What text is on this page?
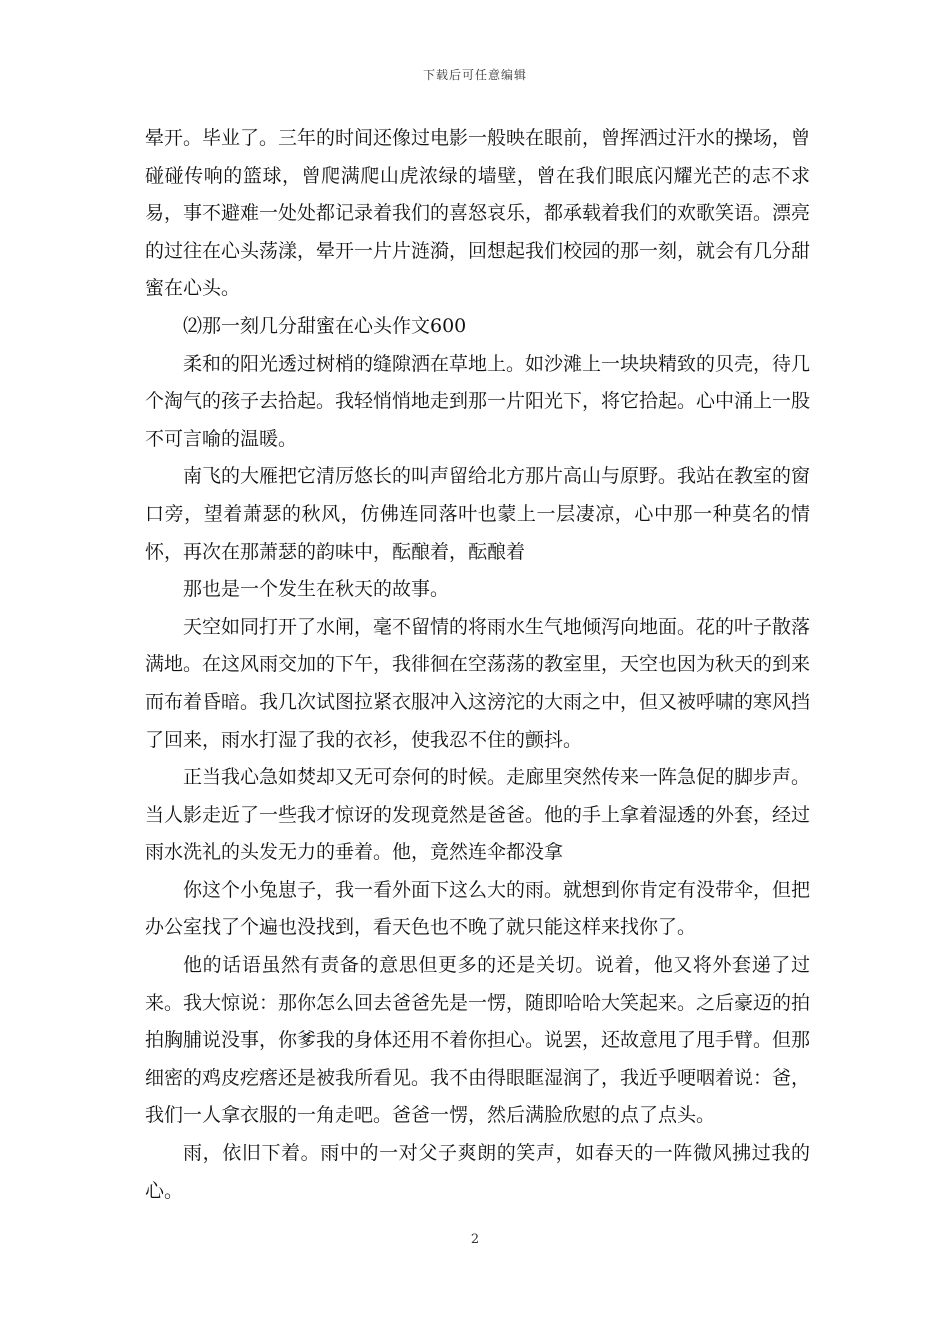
下载后可任意编辑

晕开。毕业了。三年的时间还像过电影一般映在眼前，曾挥洒过汗水的操场，曾碰碰传响的篮球，曾爬满爬山虎浓绿的墙壁，曾在我们眼底闪耀光芒的志不求易，事不避难一处处都记录着我们的喜怒哀乐，都承载着我们的欢歌笑语。漂亮的过往在心头荡漾，晕开一片片涟漪，回想起我们校园的那一刻，就会有几分甜蜜在心头。

⑵那一刻几分甜蜜在心头作文600

柔和的阳光透过树梢的缝隙洒在草地上。如沙滩上一块块精致的贝壳，待几个淘气的孩子去拾起。我轻悄悄地走到那一片阳光下，将它拾起。心中涌上一股不可言喻的温暖。

南飞的大雁把它清厉悠长的叫声留给北方那片高山与原野。我站在教室的窗口旁，望着萧瑟的秋风，仿佛连同落叶也蒙上一层凄凉，心中那一种莫名的情怀，再次在那萧瑟的韵味中，酝酿着，酝酿着

那也是一个发生在秋天的故事。

天空如同打开了水闸，毫不留情的将雨水生气地倾泻向地面。花的叶子散落满地。在这风雨交加的下午，我徘徊在空荡荡的教室里，天空也因为秋天的到来而布着昏暗。我几次试图拉紧衣服冲入这滂沱的大雨之中，但又被呼啸的寒风挡了回来，雨水打湿了我的衣衫，使我忍不住的颤抖。

正当我心急如焚却又无可奈何的时候。走廊里突然传来一阵急促的脚步声。当人影走近了一些我才惊讶的发现竟然是爸爸。他的手上拿着湿透的外套，经过雨水洗礼的头发无力的垂着。他，竟然连伞都没拿

你这个小兔崽子，我一看外面下这么大的雨。就想到你肯定有没带伞，但把办公室找了个遍也没找到，看天色也不晚了就只能这样来找你了。

他的话语虽然有责备的意思但更多的还是关切。说着，他又将外套递了过来。我大惊说：那你怎么回去爸爸先是一愣，随即哈哈大笑起来。之后豪迈的拍拍胸脯说没事，你爹我的身体还用不着你担心。说罢，还故意甩了甩手臂。但那细密的鸡皮疙瘩还是被我所看见。我不由得眼眶湿润了，我近乎哽咽着说：爸，我们一人拿衣服的一角走吧。爸爸一愣，然后满脸欣慰的点了点头。

雨，依旧下着。雨中的一对父子爽朗的笑声，如春天的一阵微风拂过我的心。

2
